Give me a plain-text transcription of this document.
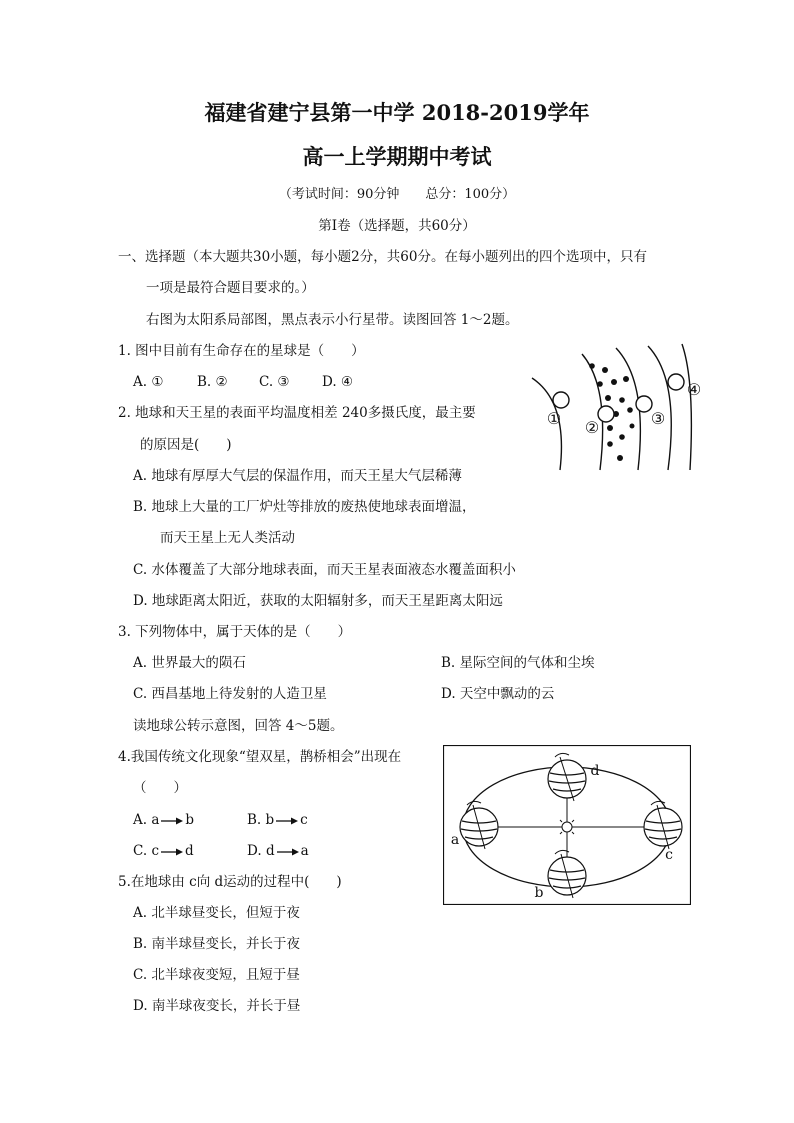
福建省建宁县第一中学 2018-2019学年
高一上学期期中考试
（考试时间：90分钟　　总分：100分）
第Ⅰ卷（选择题，共60分）
一、选择题（本大题共30小题，每小题2分，共60分。在每小题列出的四个选项中，只有
一项是最符合题目要求的。）
右图为太阳系局部图，黑点表示小行星带。读图回答 1～2题。
1. 图中目前有生命存在的星球是（　　）
A. ① B. ② C. ③ D. ④
2. 地球和天王星的表面平均温度相差 240多摄氏度，最主要
的原因是(　　)
A. 地球有厚厚大气层的保温作用，而天王星大气层稀薄
B. 地球上大量的工厂炉灶等排放的废热使地球表面增温，
而天王星上无人类活动
C. 水体覆盖了大部分地球表面，而天王星表面液态水覆盖面积小
D. 地球距离太阳近，获取的太阳辐射多，而天王星距离太阳远
3. 下列物体中，属于天体的是（　　）
A. 世界最大的陨石	B. 星际空间的气体和尘埃
C. 西昌基地上待发射的人造卫星	D. 天空中飘动的云
读地球公转示意图，回答 4～5题。
4.我国传统文化现象“望双星，鹊桥相会”出现在
（　　）
A. a b	B. b c
C. c d	D. d a
5.在地球由 c向 d运动的过程中(　　)
A. 北半球昼变长，但短于夜
B. 南半球昼变长，并长于夜
C. 北半球夜变短，且短于昼
D. 南半球夜变长，并长于昼
① ②	③
④
a
b
c
d
